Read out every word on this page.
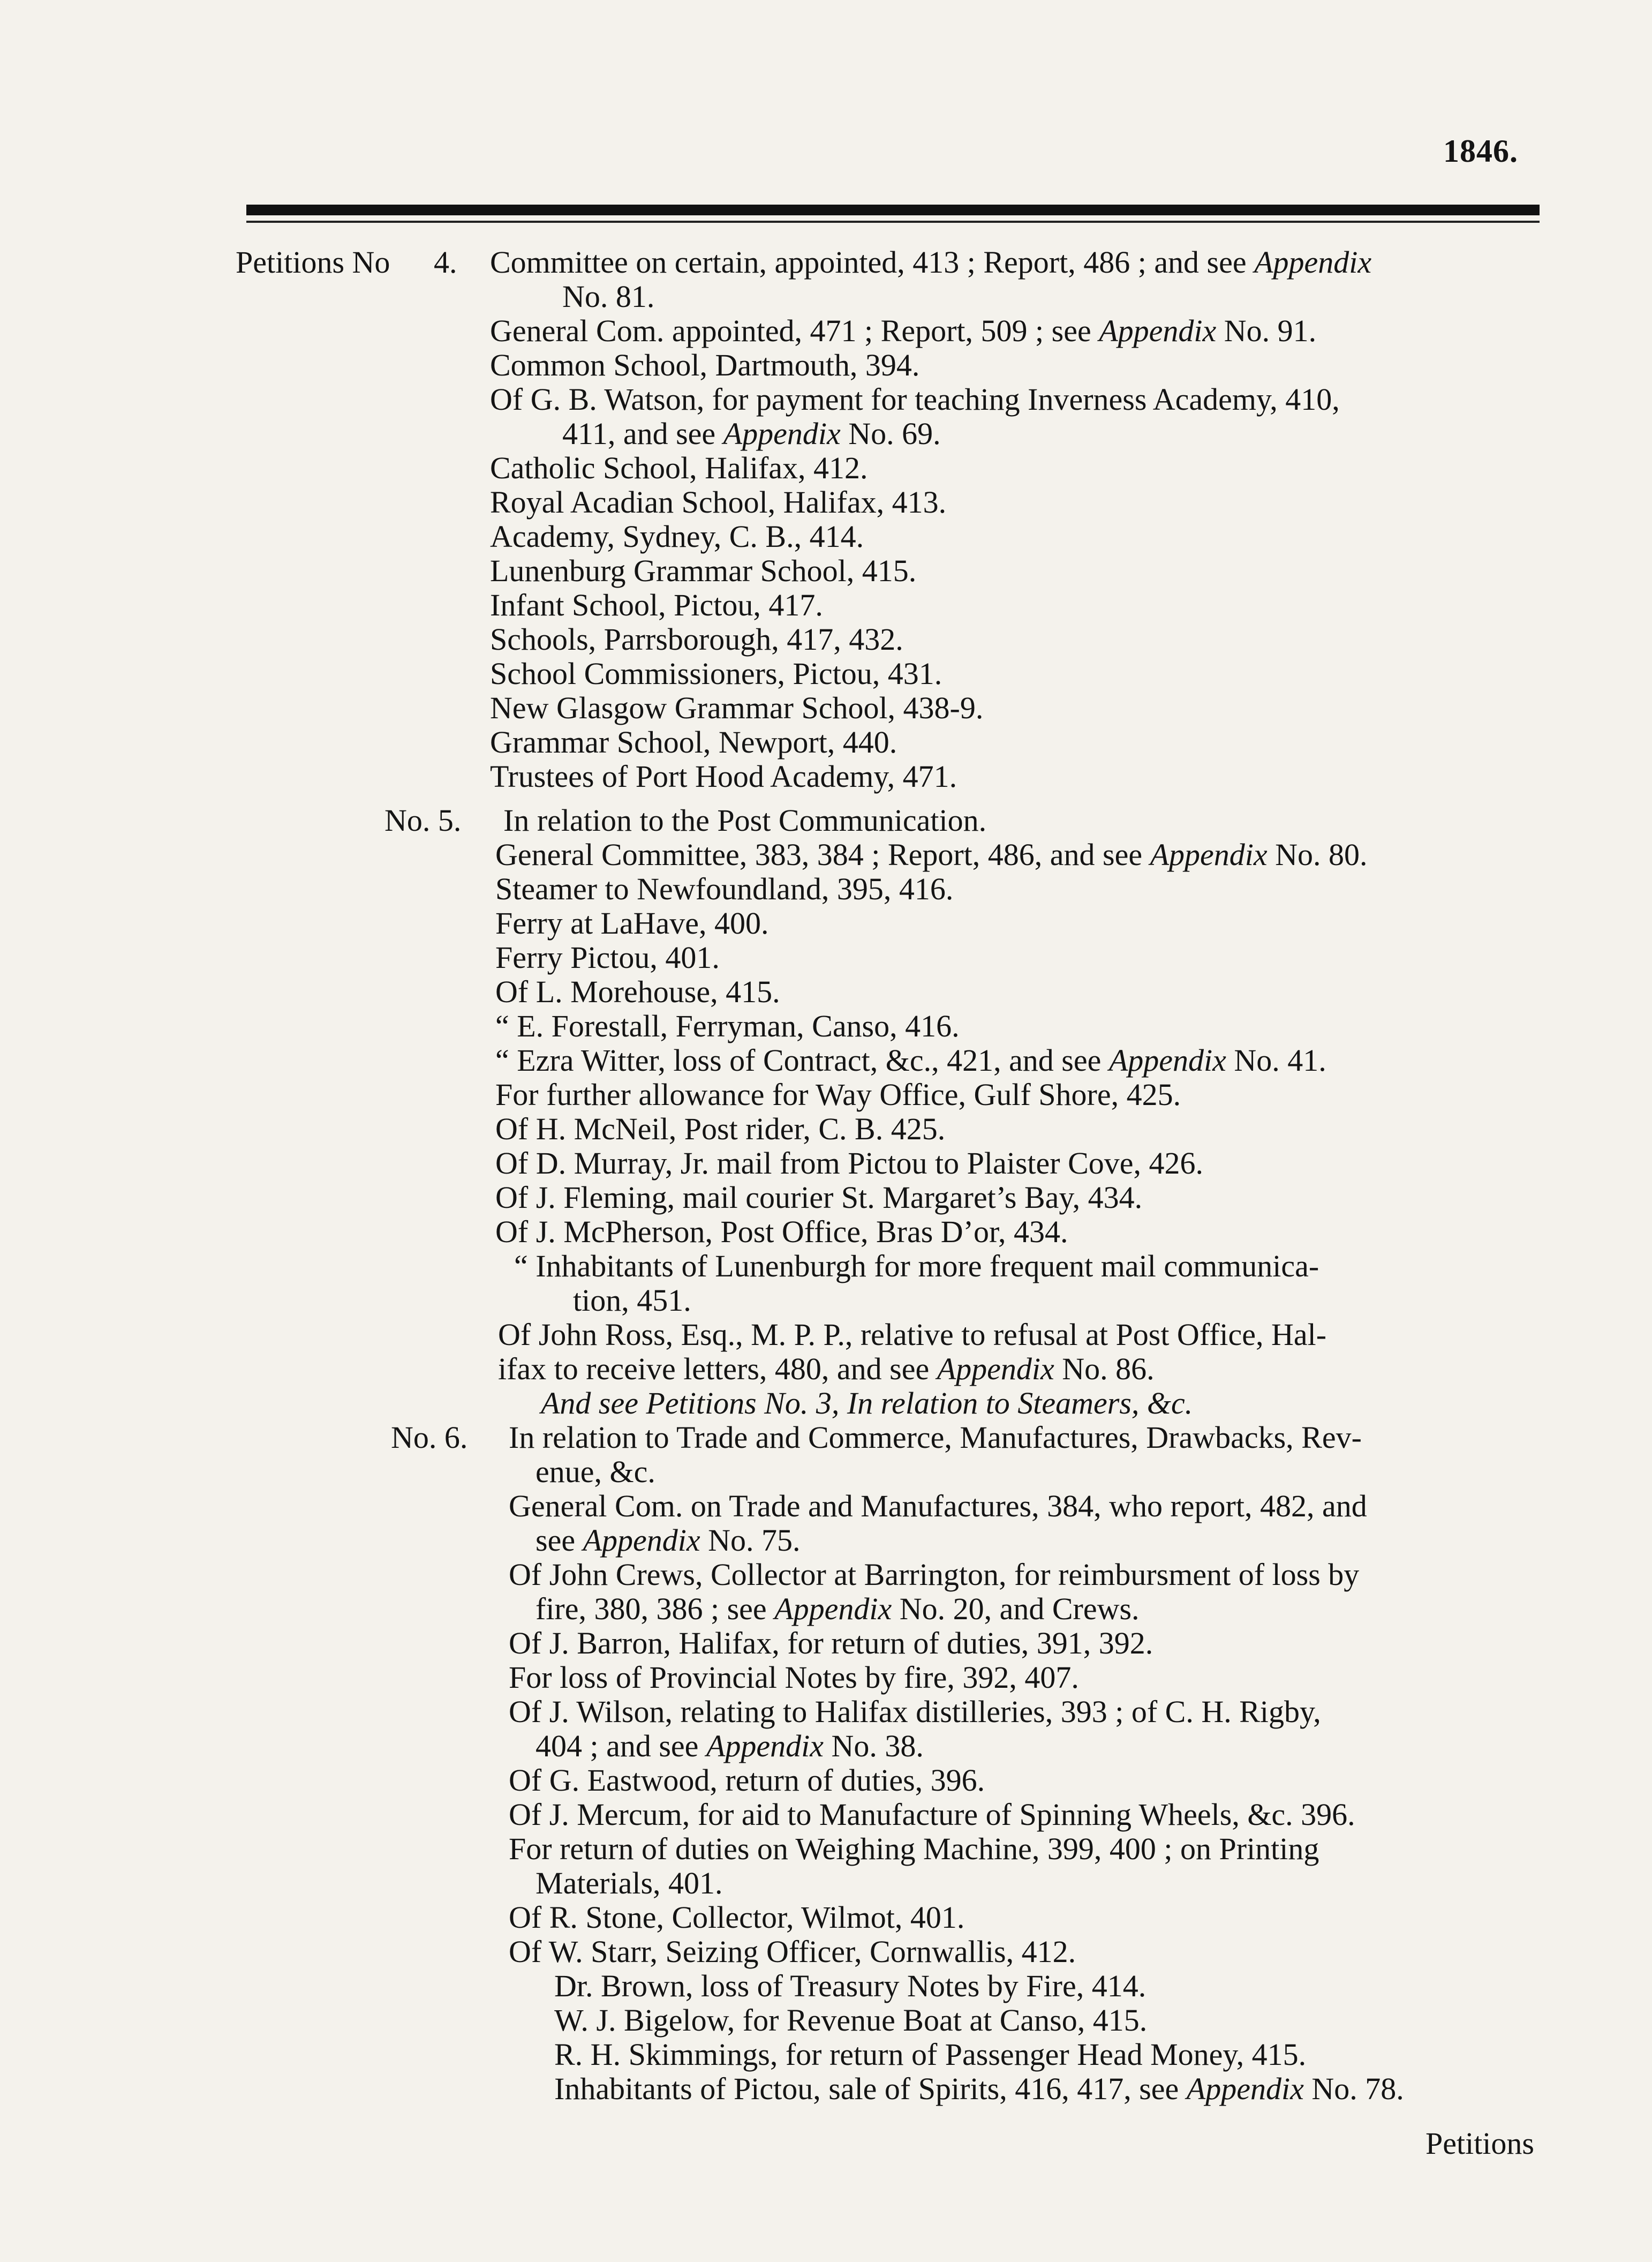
1846.
Petitions No 4. Committee on certain, appointed, 413 ; Report, 486 ; and see Appendix
No. 81.
General Com. appointed, 471 ; Report, 509 ; see Appendix No. 91.
Common School, Dartmouth, 394.
Of G. B. Watson, for payment for teaching Inverness Academy, 410,
411, and see Appendix No. 69.
Catholic School, Halifax, 412.
Royal Acadian School, Halifax, 413.
Academy, Sydney, C. B., 414.
Lunenburg Grammar School, 415.
Infant School, Pictou, 417.
Schools, Parrsborough, 417, 432.
School Commissioners, Pictou, 431.
New Glasgow Grammar School, 438-9.
Grammar School, Newport, 440.
Trustees of Port Hood Academy, 471.
No. 5. In relation to the Post Communication.
General Committee, 383, 384 ; Report, 486, and see Appendix No. 80.
Steamer to Newfoundland, 395, 416.
Ferry at LaHave, 400.
Ferry Pictou, 401.
Of L. Morehouse, 415.
“ E. Forestall, Ferryman, Canso, 416.
“ Ezra Witter, loss of Contract, &c., 421, and see Appendix No. 41.
For further allowance for Way Office, Gulf Shore, 425.
Of H. McNeil, Post rider, C. B. 425.
Of D. Murray, Jr. mail from Pictou to Plaister Cove, 426.
Of J. Fleming, mail courier St. Margaret’s Bay, 434.
Of J. McPherson, Post Office, Bras D’or, 434.
“ Inhabitants of Lunenburgh for more frequent mail communica-
tion, 451.
Of John Ross, Esq., M. P. P., relative to refusal at Post Office, Hal-
ifax to receive letters, 480, and see Appendix No. 86.
And see Petitions No. 3, In relation to Steamers, &c.
No. 6. In relation to Trade and Commerce, Manufactures, Drawbacks, Rev-
enue, &c.
General Com. on Trade and Manufactures, 384, who report, 482, and
see Appendix No. 75.
Of John Crews, Collector at Barrington, for reimbursment of loss by
fire, 380, 386 ; see Appendix No. 20, and Crews.
Of J. Barron, Halifax, for return of duties, 391, 392.
For loss of Provincial Notes by fire, 392, 407.
Of J. Wilson, relating to Halifax distilleries, 393 ; of C. H. Rigby,
404 ; and see Appendix No. 38.
Of G. Eastwood, return of duties, 396.
Of J. Mercum, for aid to Manufacture of Spinning Wheels, &c. 396.
For return of duties on Weighing Machine, 399, 400 ; on Printing
Materials, 401.
Of R. Stone, Collector, Wilmot, 401.
Of W. Starr, Seizing Officer, Cornwallis, 412.
Dr. Brown, loss of Treasury Notes by Fire, 414.
W. J. Bigelow, for Revenue Boat at Canso, 415.
R. H. Skimmings, for return of Passenger Head Money, 415.
Inhabitants of Pictou, sale of Spirits, 416, 417, see Appendix No. 78.
Petitions
